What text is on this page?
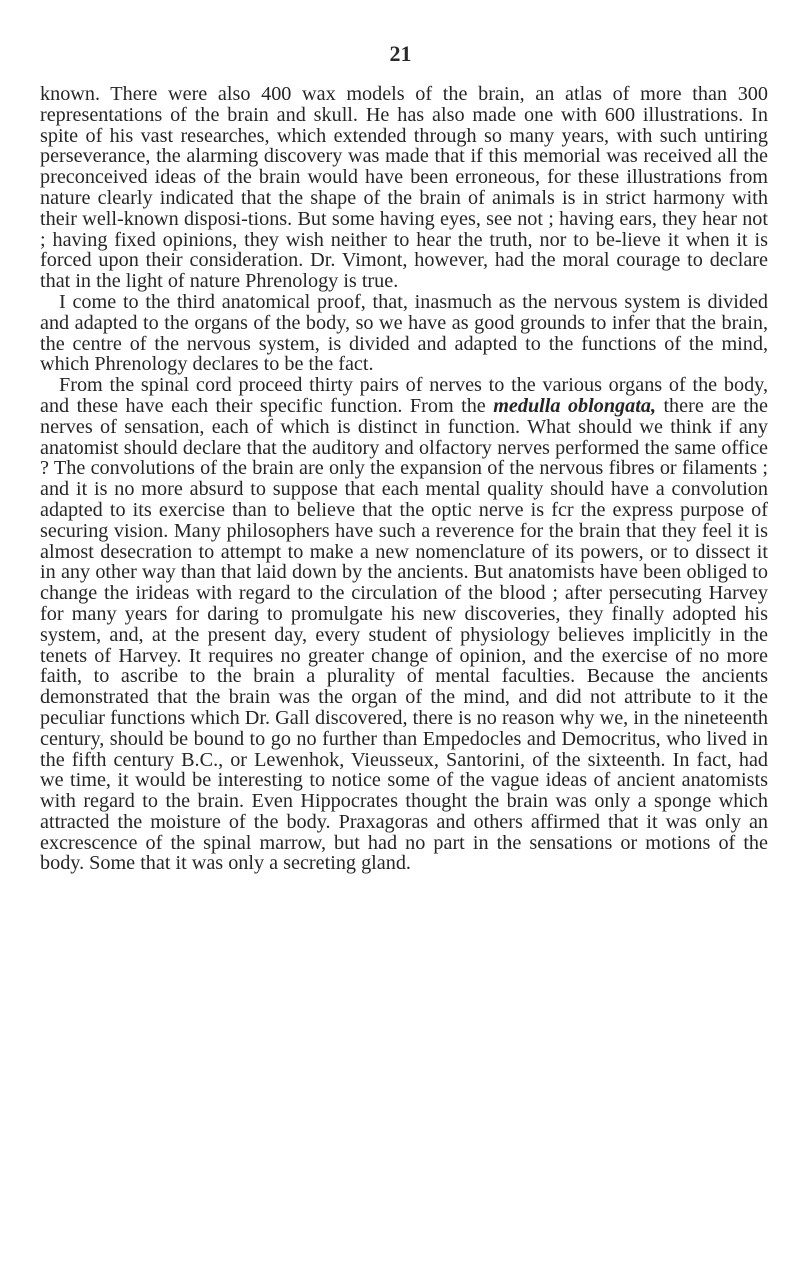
21

known. There were also 400 wax models of the brain, an atlas of more than 300 representations of the brain and skull. He has also made one with 600 illustrations. In spite of his vast researches, which extended through so many years, with such untiring perseverance, the alarming discovery was made that if this memorial was received all the preconceived ideas of the brain would have been erroneous, for these illustrations from nature clearly indicated that the shape of the brain of animals is in strict harmony with their well-known disposi-tions. But some having eyes, see not ; having ears, they hear not ; having fixed opinions, they wish neither to hear the truth, nor to be-lieve it when it is forced upon their consideration. Dr. Vimont, however, had the moral courage to declare that in the light of nature Phrenology is true.

I come to the third anatomical proof, that, inasmuch as the nervous system is divided and adapted to the organs of the body, so we have as good grounds to infer that the brain, the centre of the nervous system, is divided and adapted to the functions of the mind, which Phrenology declares to be the fact.

From the spinal cord proceed thirty pairs of nerves to the various organs of the body, and these have each their specific function. From the medulla oblongata, there are the nerves of sensation, each of which is distinct in function. What should we think if any anatomist should declare that the auditory and olfactory nerves performed the same office ? The convolutions of the brain are only the expansion of the nervous fibres or filaments ; and it is no more absurd to suppose that each mental quality should have a convolution adapted to its exercise than to believe that the optic nerve is fcr the express purpose of securing vision. Many philosophers have such a reverence for the brain that they feel it is almost desecration to attempt to make a new nomenclature of its powers, or to dissect it in any other way than that laid down by the ancients. But anatomists have been obliged to change the irideas with regard to the circulation of the blood ; after persecuting Harvey for many years for daring to promulgate his new discoveries, they finally adopted his system, and, at the present day, every student of physiology believes implicitly in the tenets of Harvey. It requires no greater change of opinion, and the exercise of no more faith, to ascribe to the brain a plurality of mental faculties. Because the ancients demonstrated that the brain was the organ of the mind, and did not attribute to it the peculiar functions which Dr. Gall discovered, there is no reason why we, in the nineteenth century, should be bound to go no further than Empedocles and Democritus, who lived in the fifth century B.C., or Lewenhok, Vieusseux, Santorini, of the sixteenth. In fact, had we time, it would be interesting to notice some of the vague ideas of ancient anatomists with regard to the brain. Even Hippocrates thought the brain was only a sponge which attracted the moisture of the body. Praxagoras and others affirmed that it was only an excrescence of the spinal marrow, but had no part in the sensations or motions of the body. Some that it was only a secreting gland.
